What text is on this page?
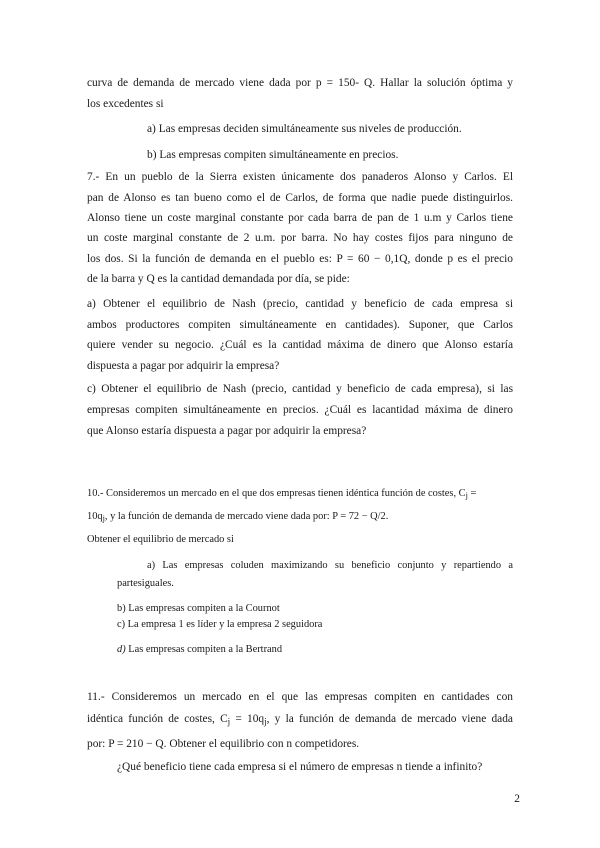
curva de demanda de mercado viene dada por p = 150- Q. Hallar la solución óptima y
los excedentes si
a) Las empresas deciden simultáneamente sus niveles de producción.
b) Las empresas compiten simultáneamente en precios.
7.- En un pueblo de la Sierra existen únicamente dos panaderos Alonso y Carlos. El
pan de Alonso es tan bueno como el de Carlos, de forma que nadie puede distinguirlos.
Alonso tiene un coste marginal constante por cada barra de pan de 1 u.m y Carlos tiene
un coste marginal constante de 2 u.m. por barra. No hay costes fijos para ninguno de
los dos. Si la función de demanda en el pueblo es: P = 60 − 0,1Q, donde p es el precio
de la barra y Q es la cantidad demandada por día, se pide:
a) Obtener el equilibrio de Nash (precio, cantidad y beneficio de cada empresa si
ambos productores compiten simultáneamente en cantidades). Suponer, que Carlos
quiere vender su negocio. ¿Cuál es la cantidad máxima de dinero que Alonso estaría
dispuesta a pagar por adquirir la empresa?
c) Obtener el equilibrio de Nash (precio, cantidad y beneficio de cada empresa), si las
empresas compiten simultáneamente en precios. ¿Cuál es lacantidad máxima de dinero
que Alonso estaría dispuesta a pagar por adquirir la empresa?
10.- Consideremos un mercado en el que dos empresas tienen idéntica función de costes, $C_j$ =
$10q_j$, y la función de demanda de mercado viene dada por: P = 72 − Q/2.
Obtener el equilibrio de mercado si
a) Las empresas coluden maximizando su beneficio conjunto y repartiendo a
partesiguales.
b) Las empresas compiten a la Cournot
c) La empresa 1 es líder y la empresa 2 seguidora
d) Las empresas compiten a la Bertrand
11.- Consideremos un mercado en el que las empresas compiten en cantidades con
idéntica función de costes, $C_j = 10q_j$, y la función de demanda de mercado viene dada
por: P = 210 − Q. Obtener el equilibrio con n competidores.
¿Qué beneficio tiene cada empresa si el número de empresas n tiende a infinito?
2
